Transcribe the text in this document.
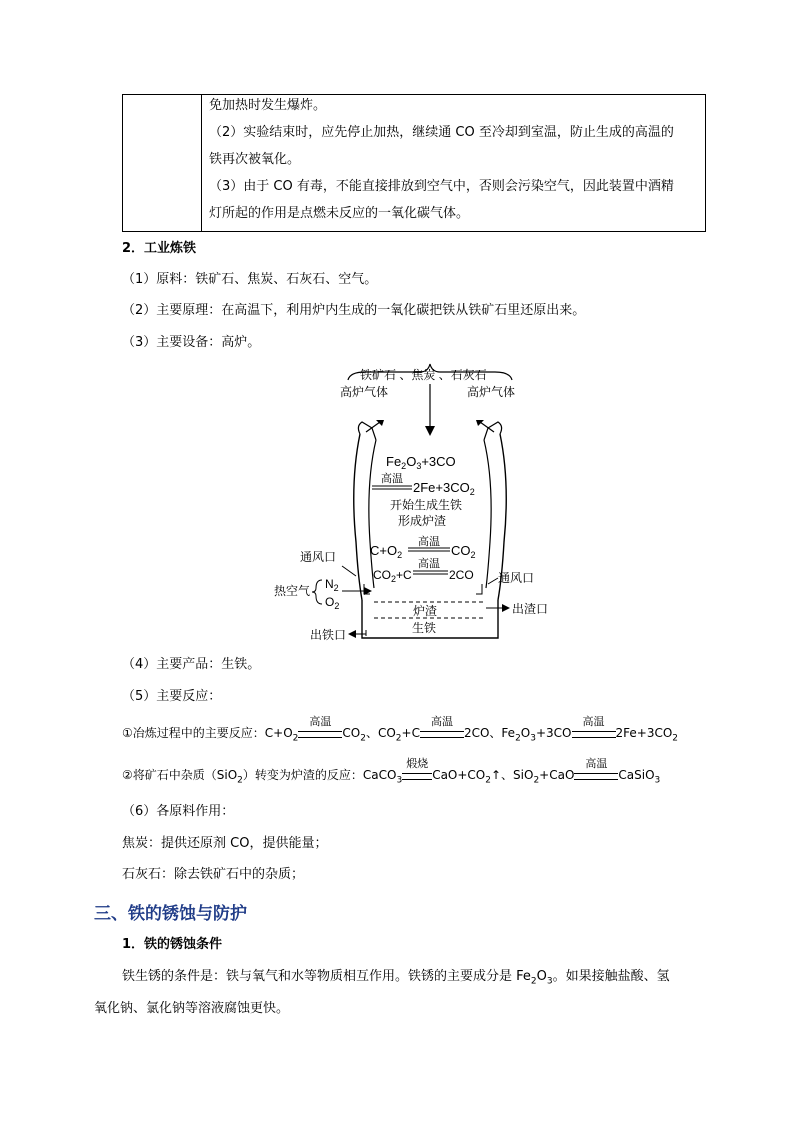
免加热时发生爆炸。
（2）实验结束时，应先停止加热，继续通 CO 至冷却到室温，防止生成的高温的
铁再次被氧化。
（3）由于 CO 有毒，不能直接排放到空气中，否则会污染空气，因此装置中酒精
灯所起的作用是点燃未反应的一氧化碳气体。
2．工业炼铁
（1）原料：铁矿石、焦炭、石灰石、空气。
（2）主要原理：在高温下，利用炉内生成的一氧化碳把铁从铁矿石里还原出来。
（3）主要设备：高炉。
铁矿石 、焦炭 、石灰石
高炉气体	高炉气体
$Fe_2O_3+3CO$
高温
$2Fe+3CO_2$
开始生成生铁
形成炉渣
高温
$C+O_2$	$CO_2$
高温
$CO_2+C$	2CO
通风口
通风口
热空气 $N_2$
$O_2$	炉渣
生铁
出渣口
出铁口
（4）主要产品：生铁。
（5）主要反应：
①冶炼过程中的主要反应：$C+O_2$
高温
$CO_2$、$CO_2+C$
高温
2CO、$Fe_2O_3+3CO$
高温
$2Fe+3CO_2$
②将矿石中杂质（SiO$_2$）转变为炉渣的反应：CaCO$_3$
煅烧
$CaO+CO_2↑$、SiO$_2$+CaO
高温
CaSiO$_3$
（6）各原料作用：
焦炭：提供还原剂 CO，提供能量；
石灰石：除去铁矿石中的杂质；
三、铁的锈蚀与防护
1．铁的锈蚀条件
铁生锈的条件是：铁与氧气和水等物质相互作用。铁锈的主要成分是 $Fe_2O_3$。如果接触盐酸、氢
氧化钠、氯化钠等溶液腐蚀更快。
